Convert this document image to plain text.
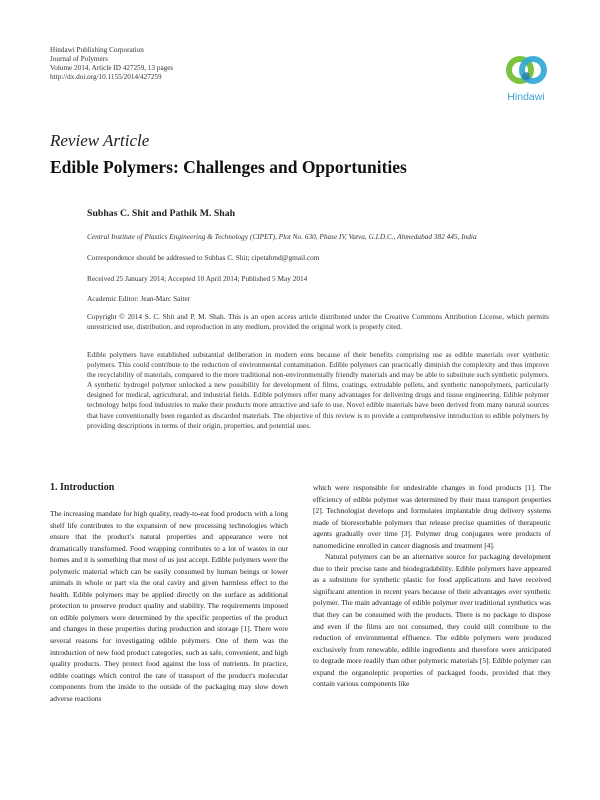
Hindawi Publishing Corporation
Journal of Polymers
Volume 2014, Article ID 427259, 13 pages
http://dx.doi.org/10.1155/2014/427259
Hindawi
Review Article
Edible Polymers: Challenges and Opportunities
Subhas C. Shit and Pathik M. Shah
Central Institute of Plastics Engineering & Technology (CIPET), Plot No. 630, Phase IV, Vatva, G.I.D.C., Ahmedabad 382 445, India
Correspondence should be addressed to Subhas C. Shit; cipetahmd@gmail.com
Received 25 January 2014; Accepted 10 April 2014; Published 5 May 2014
Academic Editor: Jean-Marc Saiter
Copyright © 2014 S. C. Shit and P. M. Shah. This is an open access article distributed under the Creative Commons Attribution License, which permits unrestricted use, distribution, and reproduction in any medium, provided the original work is properly cited.
Edible polymers have established substantial deliberation in modern eons because of their benefits comprising use as edible materials over synthetic polymers. This could contribute to the reduction of environmental contamination. Edible polymers can practically diminish the complexity and thus improve the recyclability of materials, compared to the more traditional non-environmentally friendly materials and may be able to substitute such synthetic polymers. A synthetic hydrogel polymer unlocked a new possibility for development of films, coatings, extrudable pellets, and synthetic nanopolymers, particularly designed for medical, agricultural, and industrial fields. Edible polymers offer many advantages for delivering drugs and tissue engineering. Edible polymer technology helps food industries to make their products more attractive and safe to use. Novel edible materials have been derived from many natural sources that have conventionally been regarded as discarded materials. The objective of this review is to provide a comprehensive introduction to edible polymers by providing descriptions in terms of their origin, properties, and potential uses.
1. Introduction

The increasing mandate for high quality, ready-to-eat food products with a long shelf life contributes to the expansion of new processing technologies which ensure that the product's natural properties and appearance were not dramatically transformed. Food wrapping contributes to a lot of wastes in our homes and it is something that most of us just accept. Edible polymers were the polymeric material which can be easily consumed by human beings or lower animals in whole or part via the oral cavity and given harmless effect to the health. Edible polymers may be applied directly on the surface as additional protection to preserve product quality and stability. The requirements imposed on edible polymers were determined by the specific properties of the product and changes in these properties during production and storage [1]. There were several reasons for investigating edible polymers. One of them was the introduction of new food product categories, such as safe, convenient, and high quality products. They protect food against the loss of nutrients. In practice, edible coatings which control the rate of transport of the product's molecular components from the inside to the outside of the packaging may slow down adverse reactions

which were responsible for undesirable changes in food products [1]. The efficiency of edible polymer was determined by their mass transport properties [2]. Technologist develops and formulates implantable drug delivery systems made of bioresorbable polymers that release precise quantities of therapeutic agents gradually over time [3]. Polymer drug conjugates were products of nanomedicine enrolled in cancer diagnosis and treatment [4].

Natural polymers can be an alternative source for packaging development due to their precise taste and biodegradability. Edible polymers have appeared as a substitute for synthetic plastic for food applications and have received significant attention in recent years because of their advantages over synthetic polymer. The main advantage of edible polymer over traditional synthetics was that they can be consumed with the products. There is no package to dispose and even if the films are not consumed, they could still contribute to the reduction of environmental effluence. The edible polymers were produced exclusively from renewable, edible ingredients and therefore were anticipated to degrade more readily than other polymeric materials [5]. Edible polymer can expand the organoleptic properties of packaged foods, provided that they contain various components like
